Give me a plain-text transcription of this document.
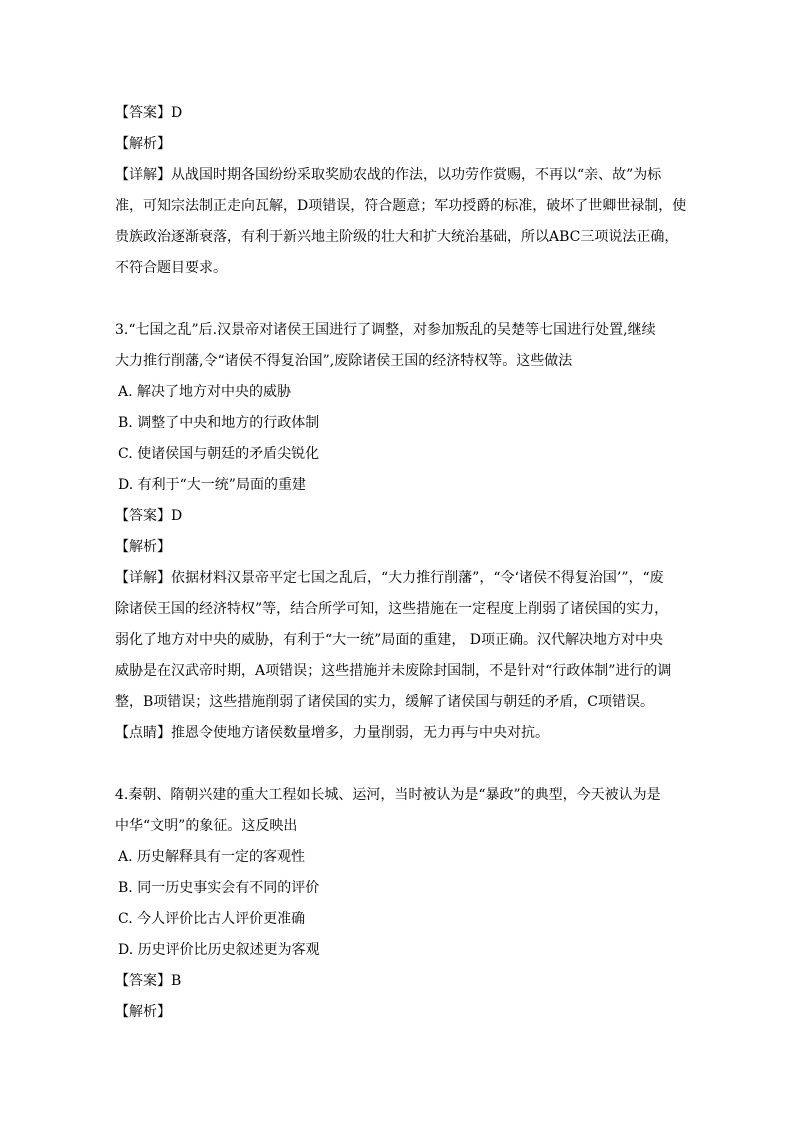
【答案】D
【解析】
【详解】从战国时期各国纷纷采取奖励农战的作法，以功劳作赏赐，不再以“亲、故”为标
准，可知宗法制正走向瓦解，D项错误，符合题意；军功授爵的标准，破坏了世卿世禄制，使
贵族政治逐渐衰落，有利于新兴地主阶级的壮大和扩大统治基础，所以ABC三项说法正确，
不符合题目要求。
3.“七国之乱”后.汉景帝对诸侯王国进行了调整，对参加叛乱的吴楚等七国进行处置,继续
大力推行削藩,令“诸侯不得复治国”,废除诸侯王国的经济特权等。这些做法
A. 解决了地方对中央的威胁
B. 调整了中央和地方的行政体制
C. 使诸侯国与朝廷的矛盾尖锐化
D. 有利于“大一统”局面的重建
【答案】D
【解析】
【详解】依据材料汉景帝平定七国之乱后，“大力推行削藩”，“令‘诸侯不得复治国’”，“废
除诸侯王国的经济特权”等，结合所学可知，这些措施在一定程度上削弱了诸侯国的实力，
弱化了地方对中央的威胁，有利于“大一统”局面的重建， D项正确。汉代解决地方对中央
威胁是在汉武帝时期，A项错误；这些措施并未废除封国制，不是针对“行政体制”进行的调
整，B项错误；这些措施削弱了诸侯国的实力，缓解了诸侯国与朝廷的矛盾，C项错误。
【点睛】推恩令使地方诸侯数量增多，力量削弱，无力再与中央对抗。
4.秦朝、隋朝兴建的重大工程如长城、运河，当时被认为是“暴政”的典型，今天被认为是
中华“文明”的象征。这反映出
A. 历史解释具有一定的客观性
B. 同一历史事实会有不同的评价
C. 今人评价比古人评价更准确
D. 历史评价比历史叙述更为客观
【答案】B
【解析】
